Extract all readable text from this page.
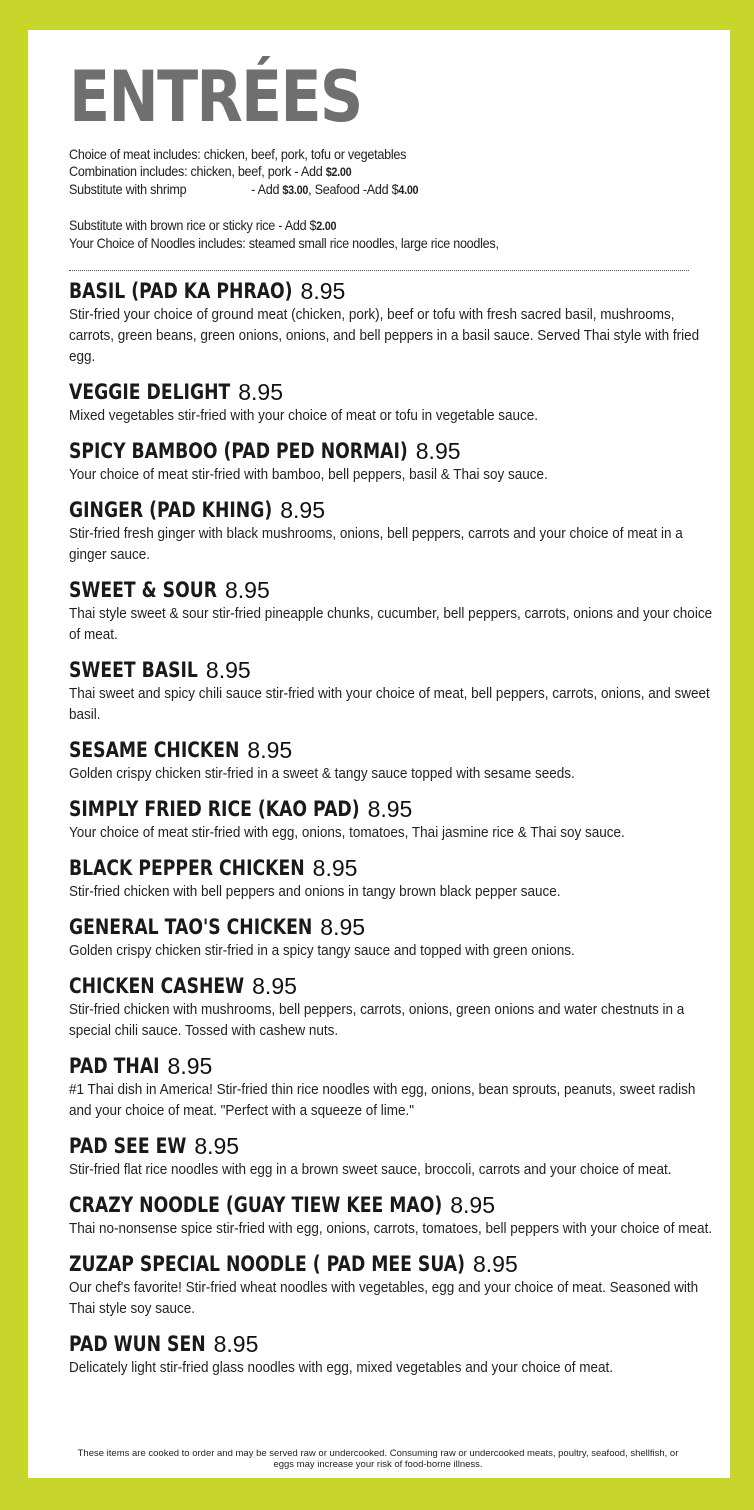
ENTRÉES
Choice of meat includes: chicken, beef, pork, tofu or vegetables
Combination includes: chicken, beef, pork - Add $2.00
Substitute with shrimp	- Add $3.00, Seafood -Add $4.00
Substitute with brown rice or sticky rice - Add $2.00
Your Choice of Noodles includes: steamed small rice noodles, large rice noodles,
BASIL (PAD KA PHRAO) 8.95
Stir-fried your choice of ground meat (chicken, pork), beef or tofu with fresh sacred basil, mushrooms, carrots, green beans, green onions, onions, and bell peppers in a basil sauce. Served Thai style with fried egg.
VEGGIE DELIGHT 8.95
Mixed vegetables stir-fried with your choice of meat or tofu in vegetable sauce.
SPICY BAMBOO (PAD PED NORMAI) 8.95
Your choice of meat stir-fried with bamboo, bell peppers, basil & Thai soy sauce.
GINGER (PAD KHING) 8.95
Stir-fried fresh ginger with black mushrooms, onions, bell peppers, carrots and your choice of meat in a ginger sauce.
SWEET & SOUR 8.95
Thai style sweet & sour stir-fried pineapple chunks, cucumber, bell peppers, carrots, onions and your choice of meat.
SWEET BASIL 8.95
Thai sweet and spicy chili sauce stir-fried with your choice of meat, bell peppers, carrots, onions, and sweet basil.
SESAME CHICKEN 8.95
Golden crispy chicken stir-fried in a sweet & tangy sauce topped with sesame seeds.
SIMPLY FRIED RICE (KAO PAD) 8.95
Your choice of meat stir-fried with egg, onions, tomatoes, Thai jasmine rice & Thai soy sauce.
BLACK PEPPER CHICKEN 8.95
Stir-fried chicken with bell peppers and onions in tangy brown black pepper sauce.
GENERAL TAO'S CHICKEN 8.95
Golden crispy chicken stir-fried in a spicy tangy sauce and topped with green onions.
CHICKEN CASHEW 8.95
Stir-fried chicken with mushrooms, bell peppers, carrots, onions, green onions and water chestnuts in a special chili sauce. Tossed with cashew nuts.
PAD THAI 8.95
#1 Thai dish in America! Stir-fried thin rice noodles with egg, onions, bean sprouts, peanuts, sweet radish and your choice of meat. "Perfect with a squeeze of lime."
PAD SEE EW 8.95
Stir-fried flat rice noodles with egg in a brown sweet sauce, broccoli, carrots and your choice of meat.
CRAZY NOODLE (GUAY TIEW KEE MAO) 8.95
Thai no-nonsense spice stir-fried with egg, onions, carrots, tomatoes, bell peppers with your choice of meat.
ZUZAP SPECIAL NOODLE ( PAD MEE SUA) 8.95
Our chef's favorite! Stir-fried wheat noodles with vegetables, egg and your choice of meat. Seasoned with Thai style soy sauce.
PAD WUN SEN 8.95
Delicately light stir-fried glass noodles with egg, mixed vegetables and your choice of meat.
These items are cooked to order and may be served raw or undercooked. Consuming raw or undercooked meats, poultry, seafood, shellfish, or eggs may increase your risk of food-borne illness.
